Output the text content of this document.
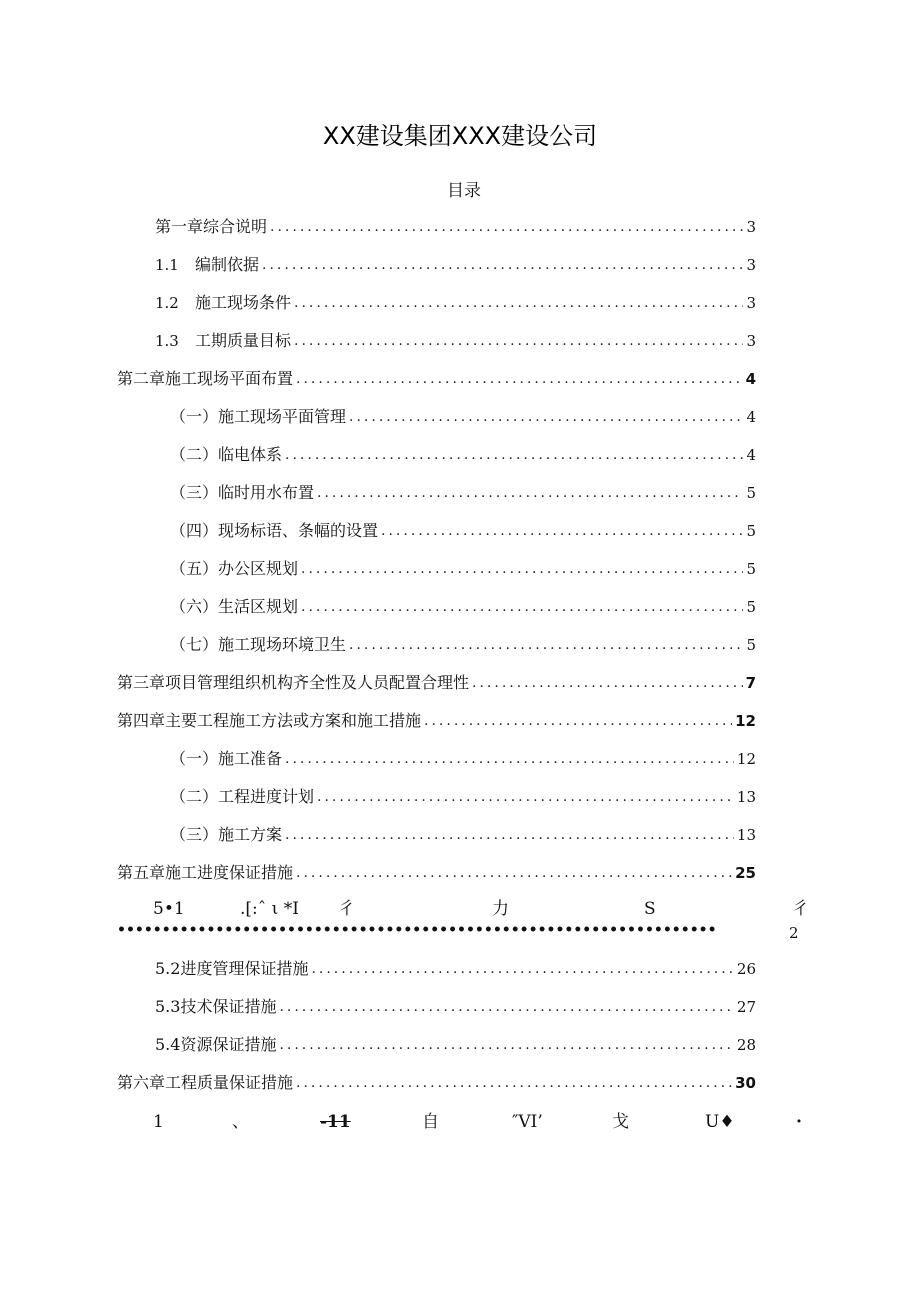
XX建设集团XXX建设公司
目录
第一章综合说明 .....	3
1.1 编制依据 .....	3
1.2 施工现场条件 .....	3
1.3 工期质量目标 .....	3
第二章施工现场平面布置 .....	4
（一）施工现场平面管理 .....	4
（二）临电体系 .....	4
（三）临时用水布置 .....	5
（四）现场标语、条幅的设置 .....	5
（五）办公区规划 .....	5
（六）生活区规划 .....	5
（七）施工现场环境卫生 .....	5
第三章项目管理组织机构齐全性及人员配置合理性 .....	7
第四章主要工程施工方法或方案和施工措施 .....	12
（一）施工准备 .....	12
（二）工程进度计划 .....	13
（三）施工方案 .....	13
第五章施工进度保证措施 .....	25
5.2进度管理保证措施 .....	26
5.3技术保证措施 .....	27
5.4资源保证措施 .....	28
第六章工程质量保证措施 .....	30
5•1	.[:ˆ ι *I 彳	力	S	彳
•••••••••••••••••••••••••••••••••••••••••••••••••••••••••••••••••••	2
1	、	-11	自	″VI’	戈	U♦	·
